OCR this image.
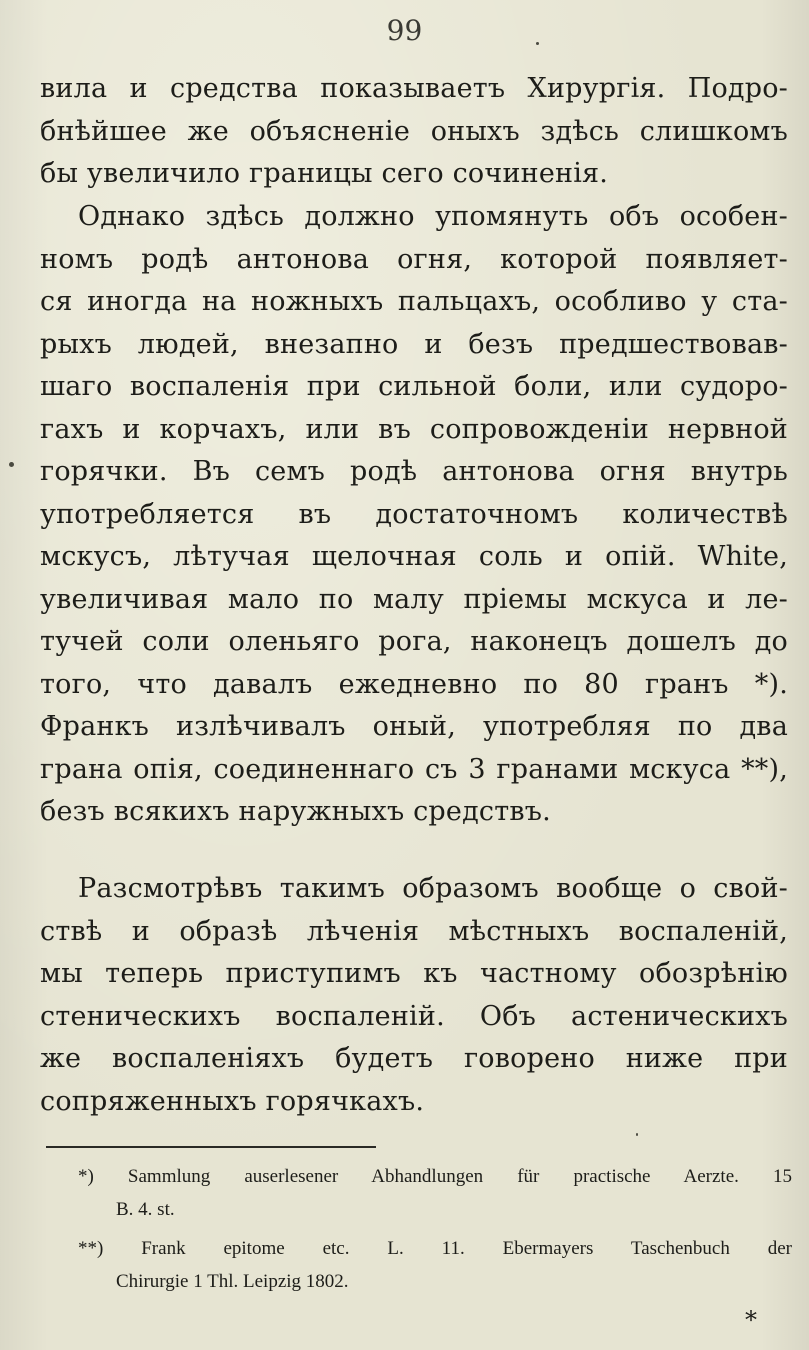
99
вила и средства показываетъ Хирургія. Подро-
бнѣйшее же объясненіе оныхъ здѣсь слишкомъ
бы увеличило границы сего сочиненія.
Однако здѣсь должно упомянуть объ особен-
номъ родѣ антонова огня, которой появляет-
ся иногда на ножныхъ пальцахъ, особливо у ста-
рыхъ людей, внезапно и безъ предшествовав-
шаго воспаленія при сильной боли, или судоро-
гахъ и корчахъ, или въ сопровожденіи нервной
горячки. Въ семъ родѣ антонова огня внутрь
употребляется въ достаточномъ количествѣ
мскусъ, лѣтучая щелочная соль и опій. White,
увеличивая мало по малу пріемы мскуса и ле-
тучей соли оленьяго рога, наконецъ дошелъ до
того, что давалъ ежедневно по 80 гранъ *).
Франкъ излѣчивалъ оный, употребляя по два
грана опія, соединеннаго съ 3 гранами мскуса **),
безъ всякихъ наружныхъ средствъ.
Разсмотрѣвъ такимъ образомъ вообще о свой-
ствѣ и образѣ лѣченія мѣстныхъ воспаленій,
мы теперь приступимъ къ частному обозрѣнію
стеническихъ воспаленій. Объ астеническихъ
же воспаленіяхъ будетъ говорено ниже при
сопряженныхъ горячкахъ.
*) Sammlung auserlesener Abhandlungen für practische Aerzte. 15
B. 4. st.
**) Frank epitome etc. L. 11. Ebermayers Taschenbuch der
Chirurgie 1 Thl. Leipzig 1802.
*
